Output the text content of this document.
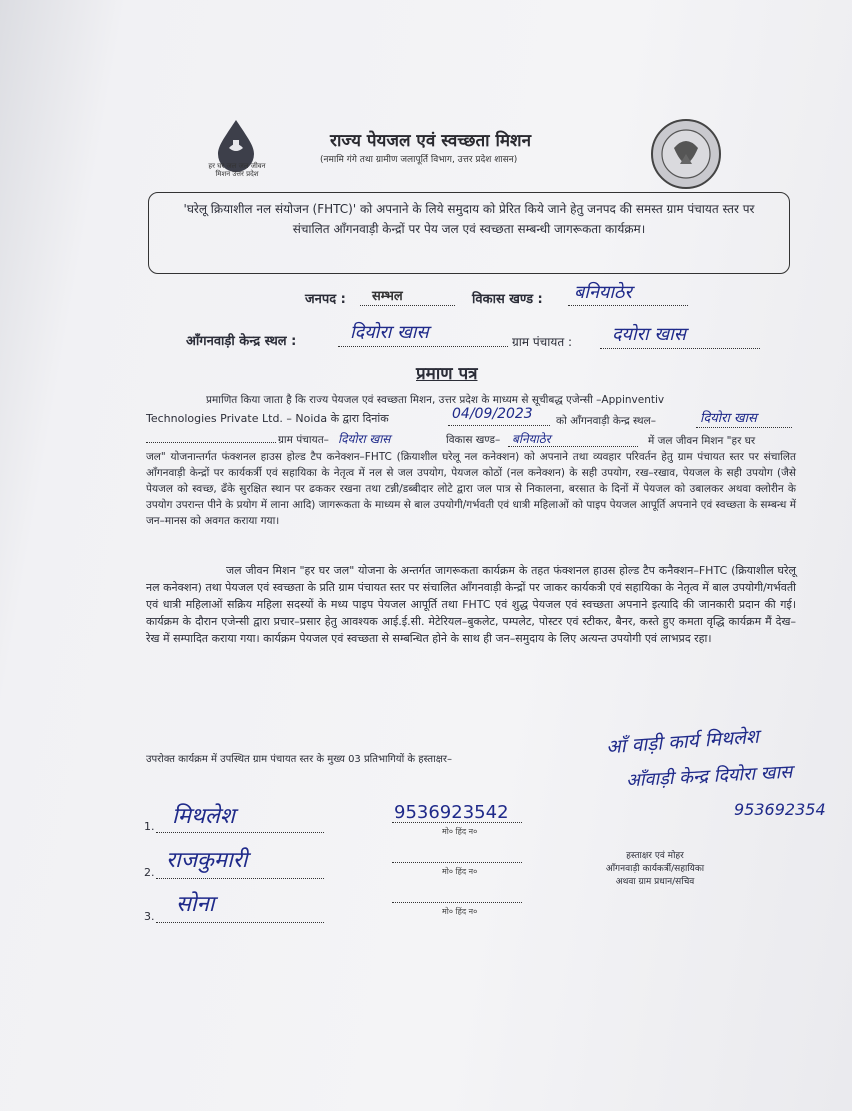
हर घर जल जल जीवन मिशन उत्तर प्रदेश
राज्य पेयजल एवं स्वच्छता मिशन
(नमामि गंगे तथा ग्रामीण जलापूर्ति विभाग, उत्तर प्रदेश शासन)
'घरेलू क्रियाशील नल संयोजन (FHTC)' को अपनाने के लिये समुदाय को प्रेरित किये जाने हेतु जनपद की समस्त ग्राम पंचायत स्तर पर संचालित आँगनवाड़ी केन्द्रों पर पेय जल एवं स्वच्छता सम्बन्धी जागरूकता कार्यक्रम।
जनपद : सम्भल	विकास खण्ड : बनियाठेर
आँगनवाड़ी केन्द्र स्थल :	दियोरा खास	ग्राम पंचायत : दयोरा खास
प्रमाण पत्र
प्रमाणित किया जाता है कि राज्य पेयजल एवं स्वच्छता मिशन, उत्तर प्रदेश के माध्यम से सूचीबद्ध एजेन्सी –Appinventiv
Technologies Private Ltd. – Noida के द्वारा दिनांक	04/09/2023 को आँगनवाड़ी केन्द्र स्थल–	दियोरा खास
ग्राम पंचायत– दियोरा खास	विकास खण्ड– बनियाठेर	में जल जीवन मिशन "हर घर
जल" योजनान्तर्गत फंक्शनल हाउस होल्ड टैप कनेक्शन–FHTC (क्रियाशील घरेलू नल कनेक्शन) को अपनाने तथा व्यवहार परिवर्तन हेतु ग्राम पंचायत स्तर पर संचालित आँगनवाड़ी केन्द्रों पर कार्यकर्त्री एवं सहायिका के नेतृत्व में नल से जल उपयोग, पेयजल कोठों (नल कनेक्शन) के सही उपयोग, रख–रखाव, पेयजल के सही उपयोग (जैसे पेयजल को स्वच्छ, ढँके सुरक्षित स्थान पर ढककर रखना तथा टन्नी/डब्बीदार लोटे द्वारा जल पात्र से निकालना, बरसात के दिनों में पेयजल को उबालकर अथवा क्लोरीन के उपयोग उपरान्त पीने के प्रयोग में लाना आदि) जागरूकता के माध्यम से बाल उपयोगी/गर्भवती एवं धात्री महिलाओं को पाइप पेयजल आपूर्ति अपनाने एवं स्वच्छता के सम्बन्ध में जन–मानस को अवगत कराया गया।
जल जीवन मिशन "हर घर जल" योजना के अन्तर्गत जागरूकता कार्यक्रम के तहत फंक्शनल हाउस होल्ड टैप कनैक्शन–FHTC (क्रियाशील घरेलू नल कनेक्शन) तथा पेयजल एवं स्वच्छता के प्रति ग्राम पंचायत स्तर पर संचालित आँगनवाड़ी केन्द्रों पर जाकर कार्यकत्री एवं सहायिका के नेतृत्व में बाल उपयोगी/गर्भवती एवं धात्री महिलाओं सक्रिय महिला सदस्यों के मध्य पाइप पेयजल आपूर्ति तथा FHTC एवं शुद्ध पेयजल एवं स्वच्छता अपनाने इत्यादि की जानकारी प्रदान की गई। कार्यक्रम के दौरान एजेन्सी द्वारा प्रचार–प्रसार हेतु आवश्यक आई.ई.सी. मेटेरियल–बुकलेट, पम्पलेट, पोस्टर एवं स्टीकर, बैनर, कस्ते हुए कमता वृद्धि कार्यक्रम मैं देख–रेख में सम्पादित कराया गया। कार्यक्रम पेयजल एवं स्वच्छता से सम्बन्धित होने के साथ ही जन–समुदाय के लिए अत्यन्त उपयोगी एवं लाभप्रद रहा।
उपरोक्त कार्यक्रम में उपस्थित ग्राम पंचायत स्तर के मुख्य 03 प्रतिभागियों के हस्ताक्षर–
आँ वाड़ी कार्य मिथलेश
आँवाड़ी केन्द्र दियोरा खास
953692354
1. मिथलेश	9536923542
मो० हिंद न०
2. राजकुमारी	मो० हिंद न०
3. सोना	मो० हिंद न०
हस्ताक्षर एवं मोहर
आँगनवाड़ी कार्यकर्त्री/सहायिका
अथवा ग्राम प्रधान/सचिव
